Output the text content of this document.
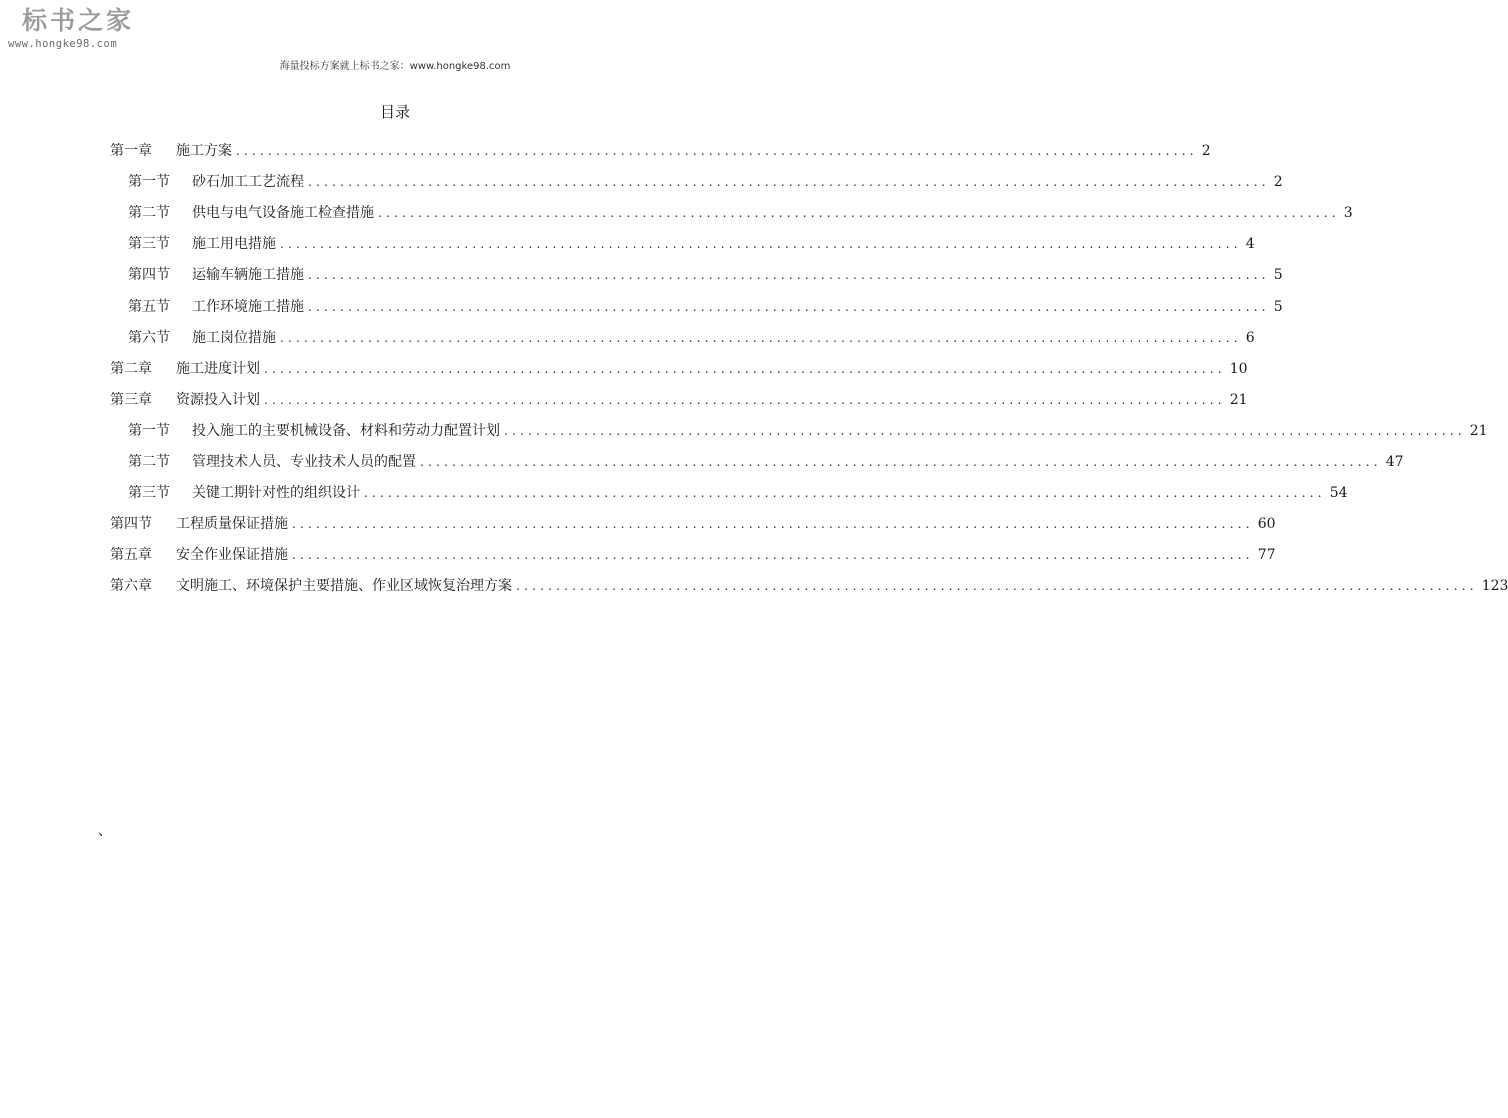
标书之家
www.hongke98.com
海量投标方案就上标书之家：www.hongke98.com
目录
第一章 施工方案 ........................................................................................................................ 2
第一节 砂石加工工艺流程 ........................................................................................................................ 2
第二节 供电与电气设备施工检查措施 ........................................................................................................................ 3
第三节 施工用电措施 ........................................................................................................................ 4
第四节 运输车辆施工措施 ........................................................................................................................ 5
第五节 工作环境施工措施 ........................................................................................................................ 5
第六节 施工岗位措施 ........................................................................................................................ 6
第二章 施工进度计划 ........................................................................................................................ 10
第三章 资源投入计划 ........................................................................................................................ 21
第一节 投入施工的主要机械设备、材料和劳动力配置计划 ........................................................................................................................ 21
第二节 管理技术人员、专业技术人员的配置 ........................................................................................................................ 47
第三节 关键工期针对性的组织设计 ........................................................................................................................ 54
第四节 工程质量保证措施 ........................................................................................................................ 60
第五章 安全作业保证措施 ........................................................................................................................ 77
第六章 文明施工、环境保护主要措施、作业区域恢复治理方案 ........................................................................................................................ 123
、
